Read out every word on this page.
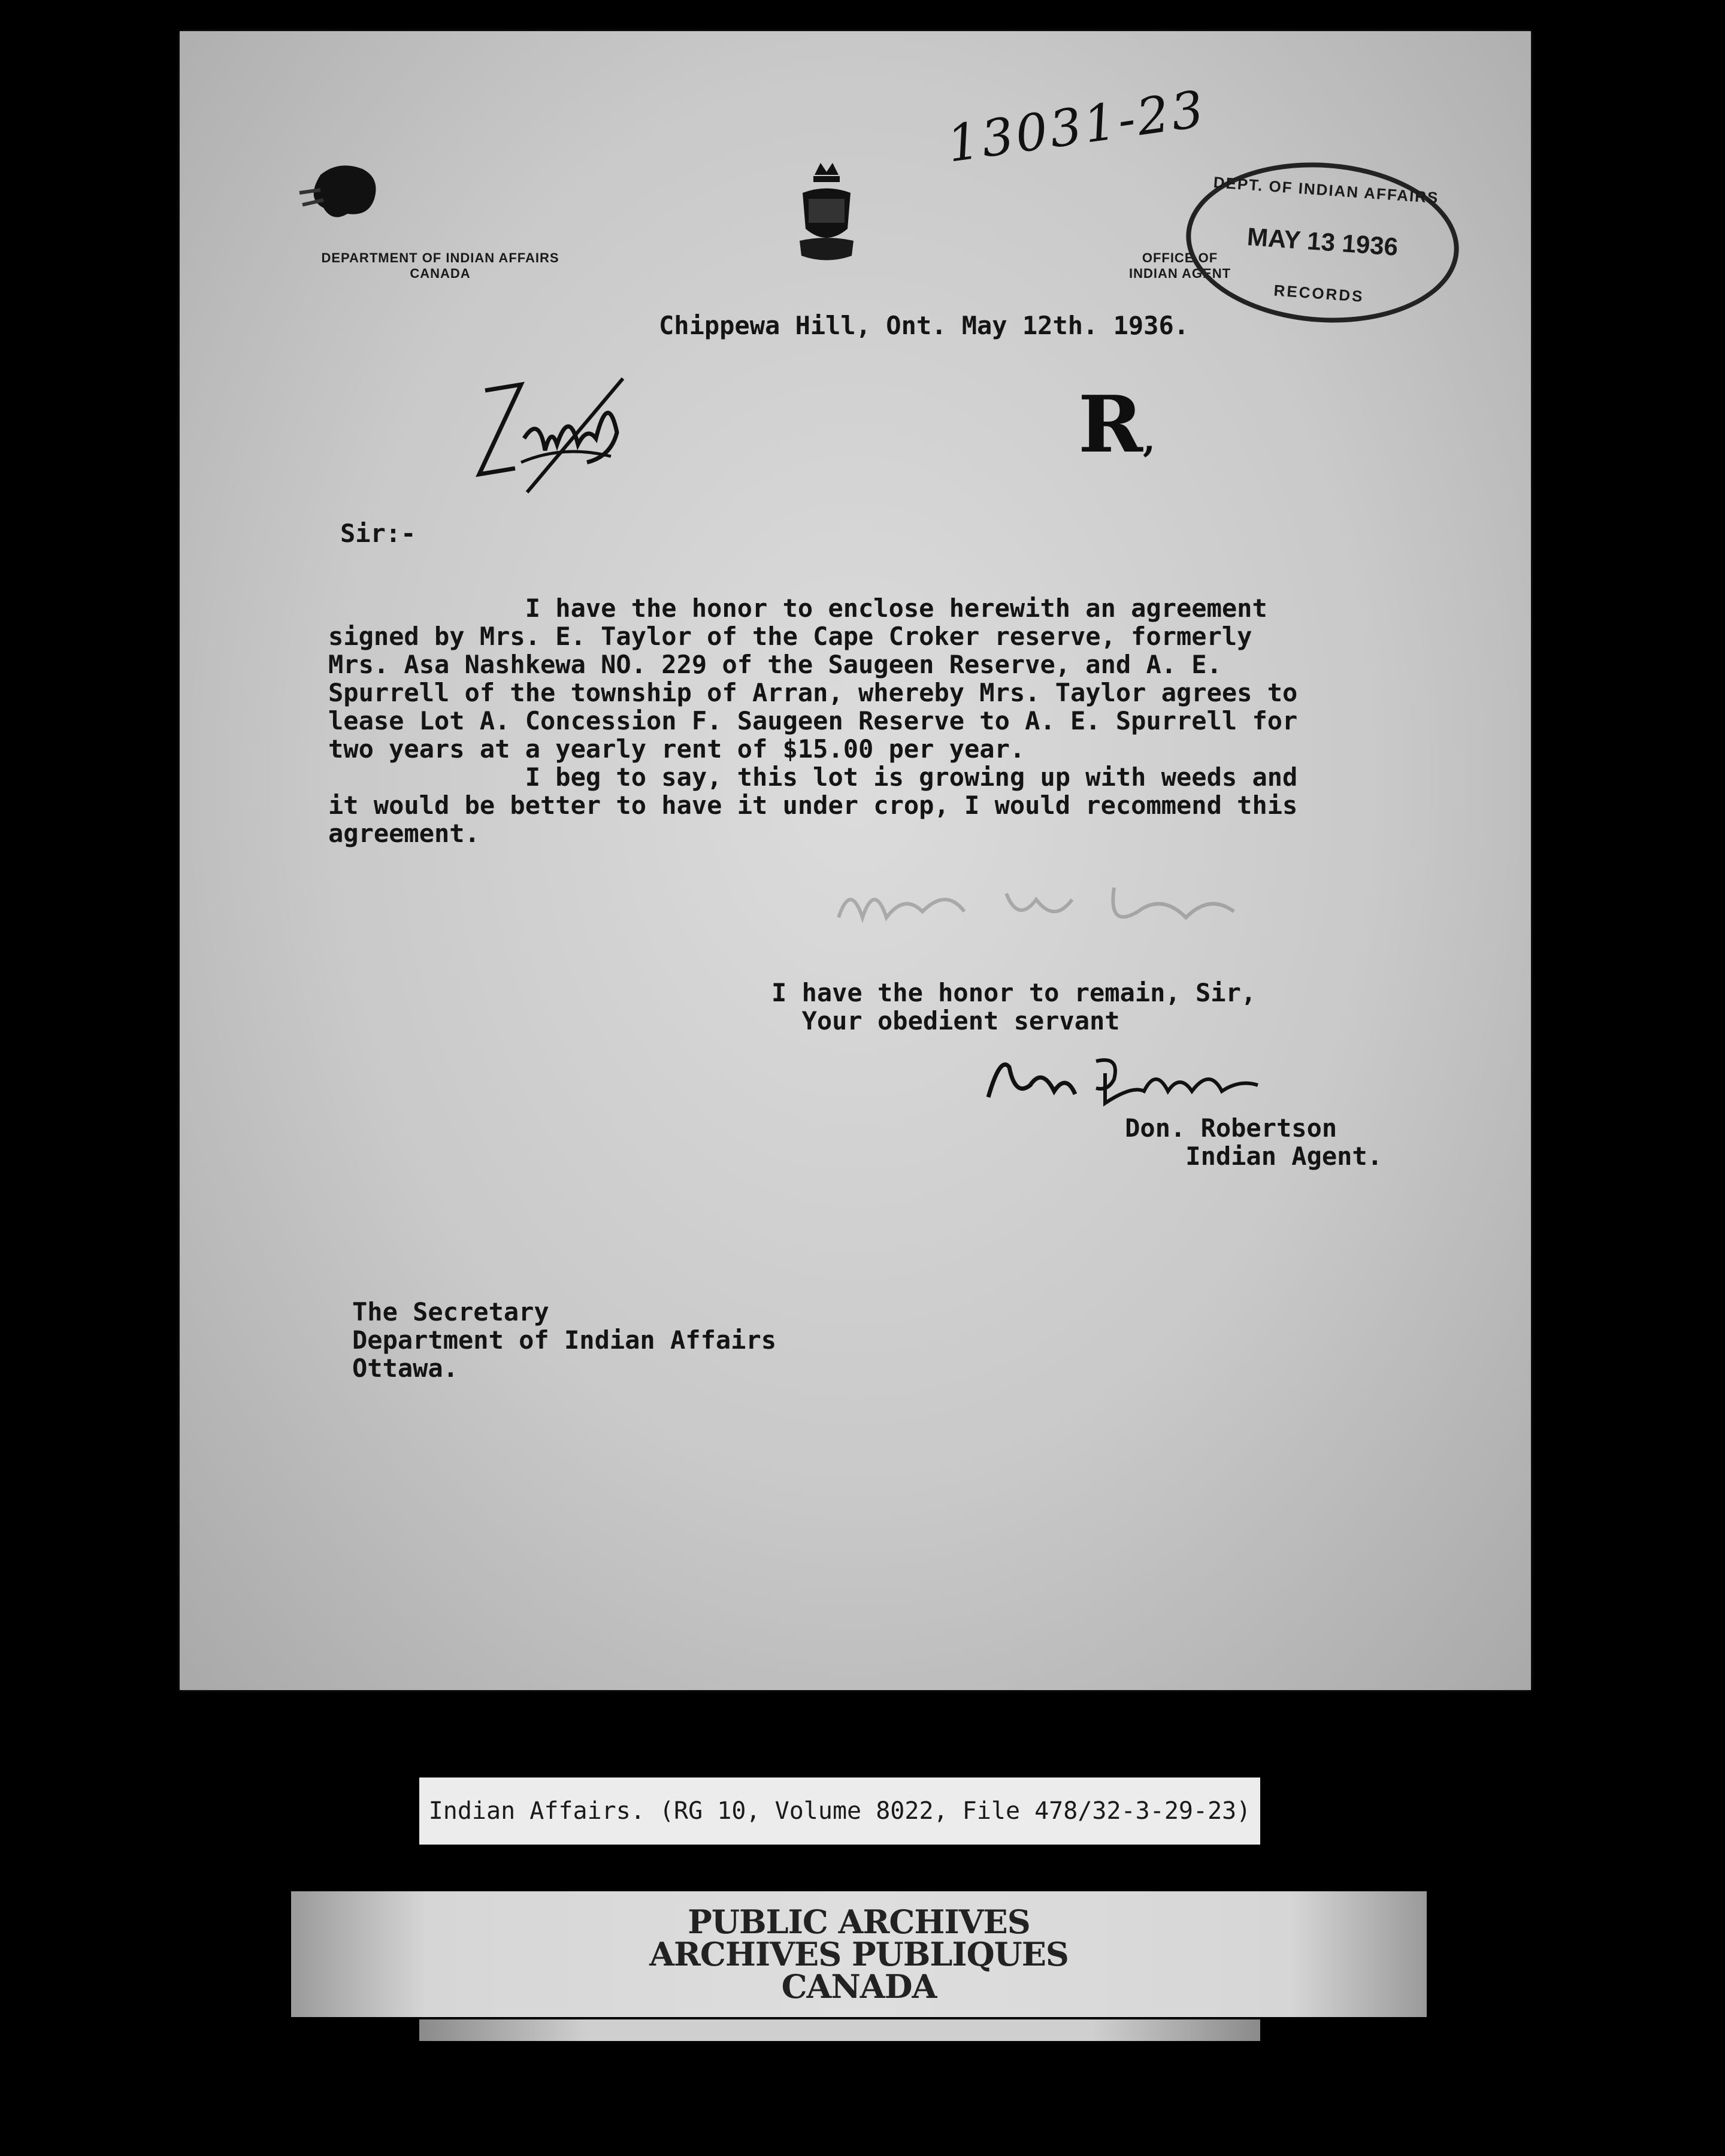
DEPARTMENT OF INDIAN AFFAIRS
CANADA
OFFICE OF
INDIAN AGENT
13031-23
DEPT. OF INDIAN AFFAIRS
MAY 13 1936
RECORDS
Chippewa Hill, Ont. May 12th. 1936.
R,
Sir:-
I have the honor to enclose herewith an agreement
signed by Mrs. E. Taylor of the Cape Croker reserve, formerly
Mrs. Asa Nashkewa NO. 229 of the Saugeen Reserve, and A. E.
Spurrell of the township of Arran, whereby Mrs. Taylor agrees to
lease Lot A. Concession F. Saugeen Reserve to A. E. Spurrell for
two years at a yearly rent of $15.00 per year.
I beg to say, this lot is growing up with weeds and
it would be better to have it under crop, I would recommend this
agreement.
I have the honor to remain, Sir,
Your obedient servant
Don. Robertson
Indian Agent.
The Secretary
Department of Indian Affairs
Ottawa.
Indian Affairs. (RG 10, Volume 8022, File 478/32-3-29-23)
PUBLIC ARCHIVES
ARCHIVES PUBLIQUES
CANADA
